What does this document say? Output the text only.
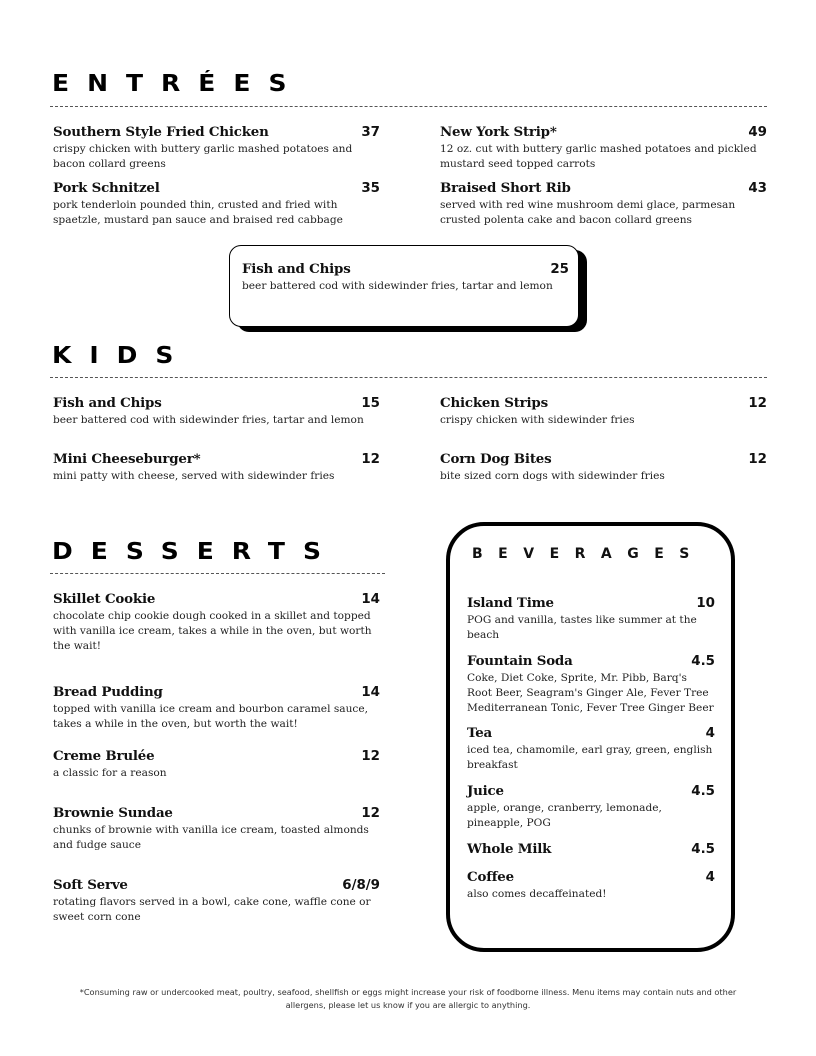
ENTRÉES
Southern Style Fried Chicken	37
crispy chicken with buttery garlic mashed potatoes and bacon collard greens
New York Strip*	49
12 oz. cut with buttery garlic mashed potatoes and pickled mustard seed topped carrots
Pork Schnitzel	35
pork tenderloin pounded thin, crusted and fried with spaetzle, mustard pan sauce and braised red cabbage
Braised Short Rib	43
served with red wine mushroom demi glace, parmesan crusted polenta cake and bacon collard greens
Fish and Chips	25
beer battered cod with sidewinder fries, tartar and lemon
KIDS
Fish and Chips	15
beer battered cod with sidewinder fries, tartar and lemon
Chicken Strips	12
crispy chicken with sidewinder fries
Mini Cheeseburger*	12
mini patty with cheese, served with sidewinder fries
Corn Dog Bites	12
bite sized corn dogs with sidewinder fries
DESSERTS
Skillet Cookie	14
chocolate chip cookie dough cooked in a skillet and topped with vanilla ice cream, takes a while in the oven, but worth the wait!
Bread Pudding	14
topped with vanilla ice cream and bourbon caramel sauce, takes a while in the oven, but worth the wait!
Creme Brulée	12
a classic for a reason
Brownie Sundae	12
chunks of brownie with vanilla ice cream, toasted almonds and fudge sauce
Soft Serve	6/8/9
rotating flavors served in a bowl, cake cone, waffle cone or sweet corn cone
BEVERAGES
Island Time	10
POG and vanilla, tastes like summer at the beach
Fountain Soda	4.5
Coke, Diet Coke, Sprite, Mr. Pibb, Barq's Root Beer, Seagram's Ginger Ale, Fever Tree Mediterranean Tonic, Fever Tree Ginger Beer
Tea	4
iced tea, chamomile, earl gray, green, english breakfast
Juice	4.5
apple, orange, cranberry, lemonade, pineapple, POG
Whole Milk	4.5
Coffee	4
also comes decaffeinated!
*Consuming raw or undercooked meat, poultry, seafood, shellfish or eggs might increase your risk of foodborne illness. Menu items may contain nuts and other allergens, please let us know if you are allergic to anything.
